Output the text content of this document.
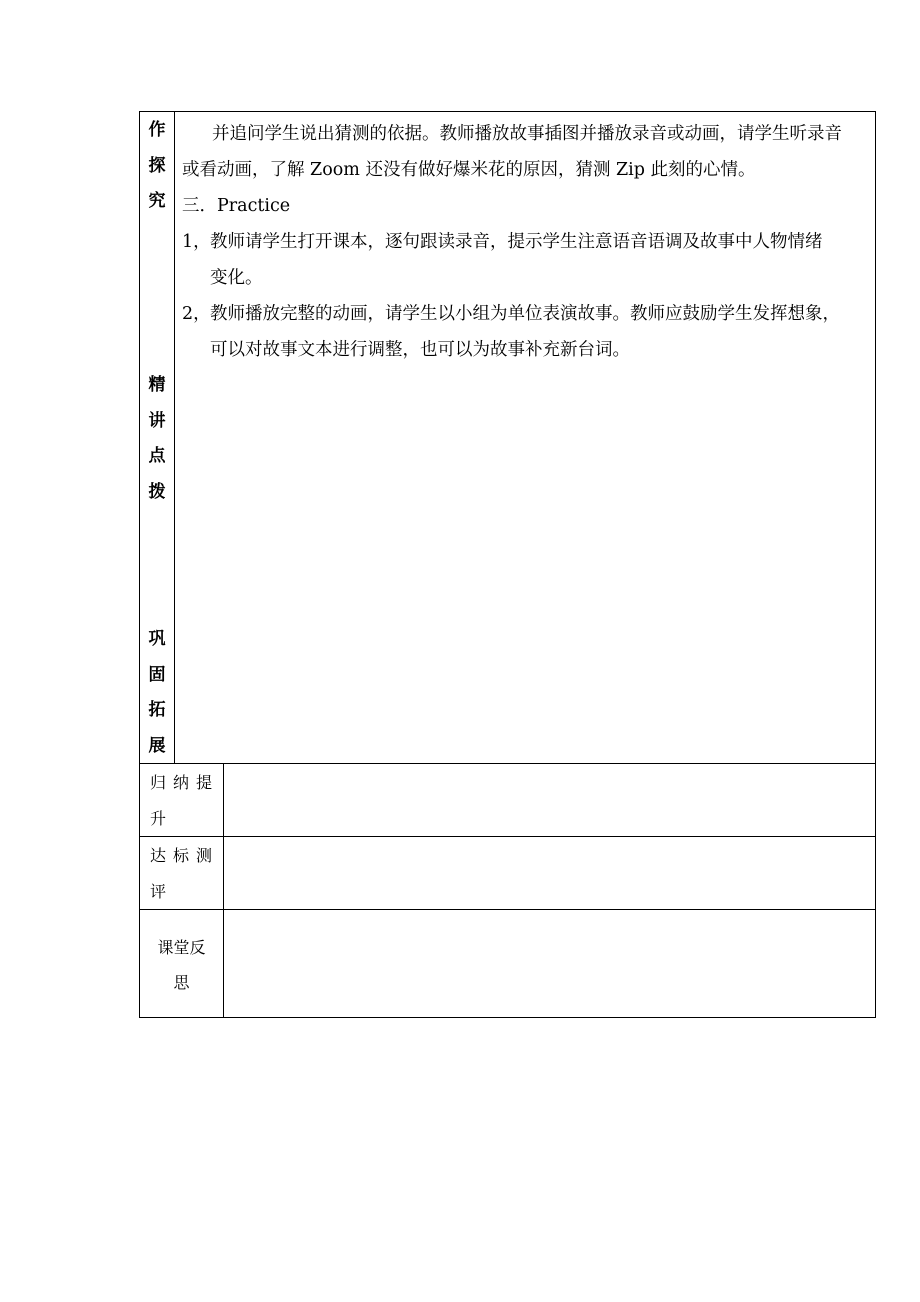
作
探
究
精
讲
点
拨
巩
固
拓
展

并追问学生说出猜测的依据。教师播放故事插图并播放录音或动画，请学生听录音

或看动画，了解 Zoom 还没有做好爆米花的原因，猜测 Zip 此刻的心情。

三．Practice

1， 教师请学生打开课本，逐句跟读录音，提示学生注意语音语调及故事中人物情绪

变化。

2， 教师播放完整的动画，请学生以小组为单位表演故事。教师应鼓励学生发挥想象，

可以对故事文本进行调整，也可以为故事补充新台词。

归纳提
升
达标测
评
课堂反
思
